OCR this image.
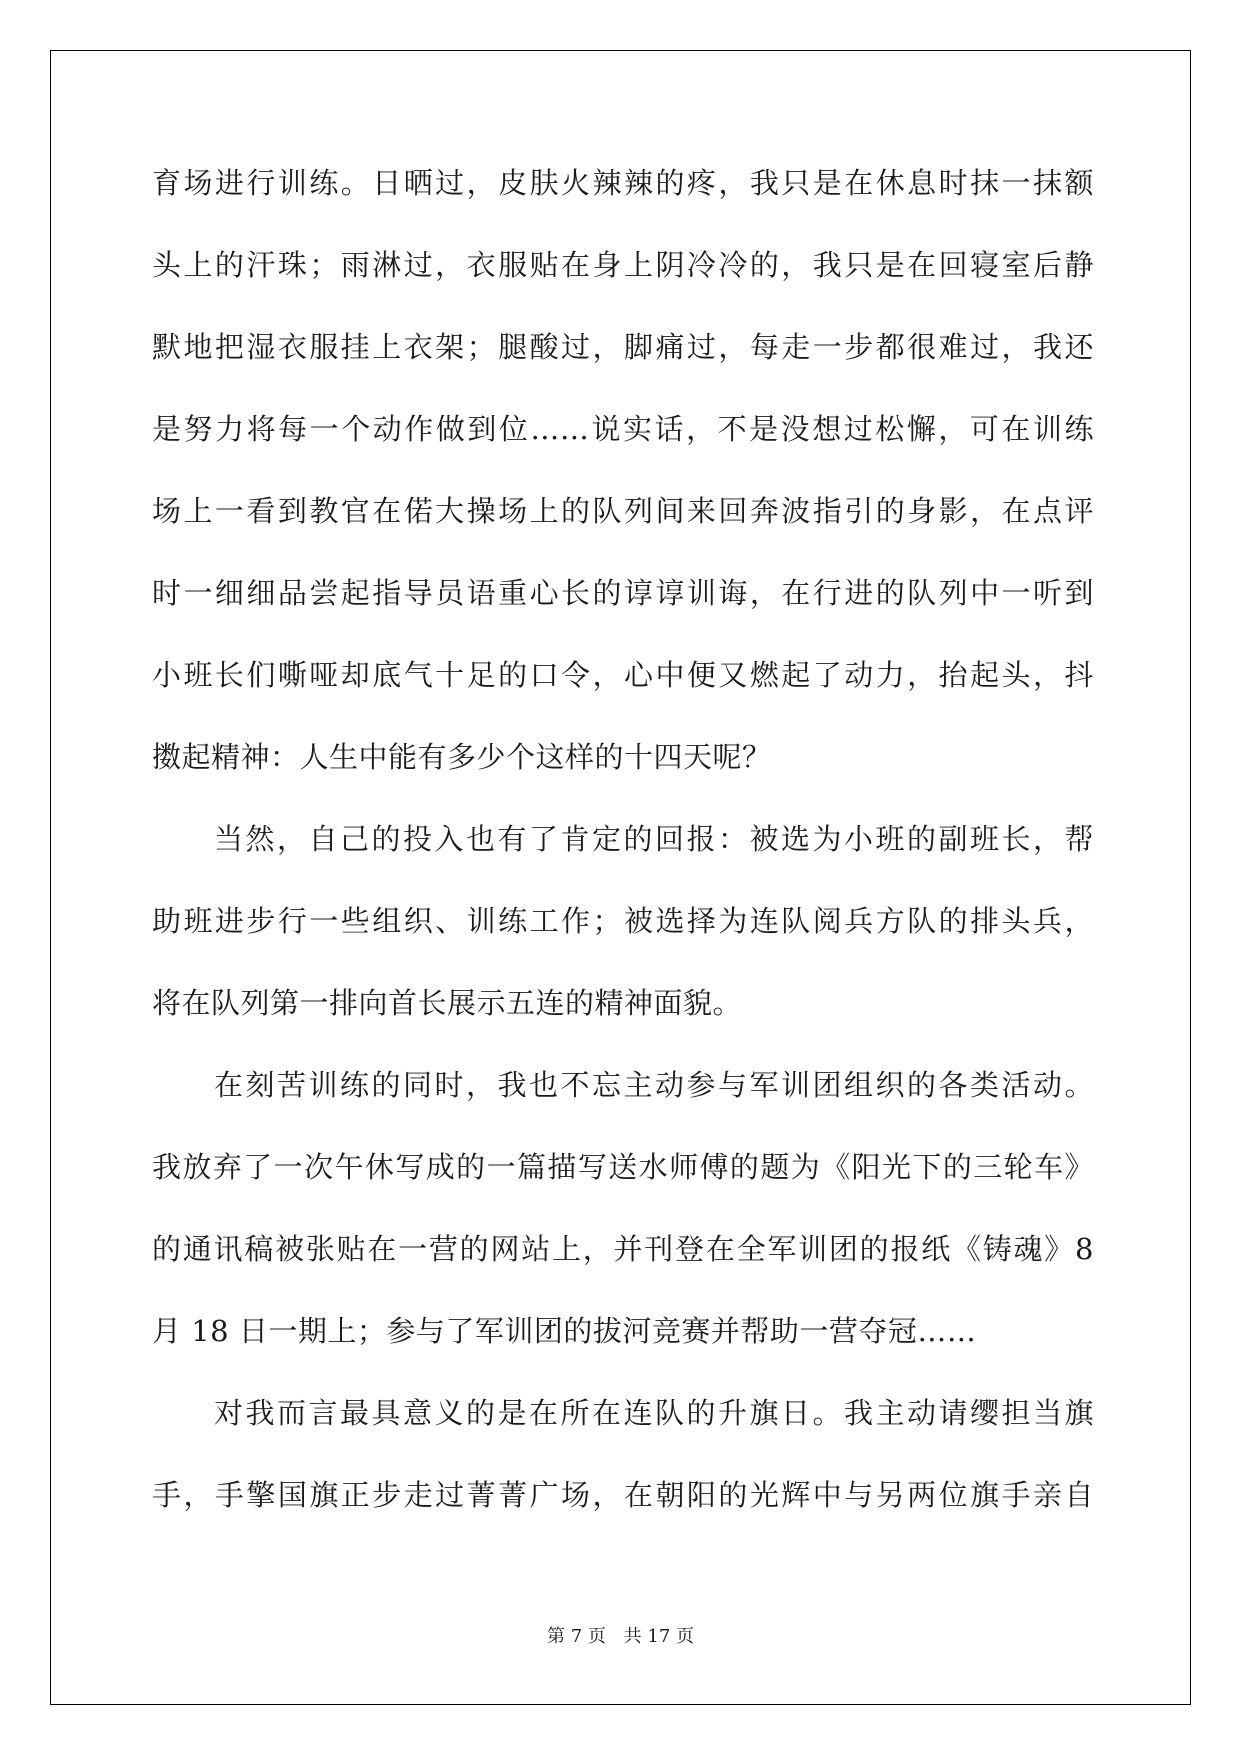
育场进行训练。日晒过，皮肤火辣辣的疼，我只是在休息时抹一抹额
头上的汗珠；雨淋过，衣服贴在身上阴冷冷的，我只是在回寝室后静
默地把湿衣服挂上衣架；腿酸过，脚痛过，每走一步都很难过，我还
是努力将每一个动作做到位……说实话，不是没想过松懈，可在训练
场上一看到教官在偌大操场上的队列间来回奔波指引的身影，在点评
时一细细品尝起指导员语重心长的谆谆训诲，在行进的队列中一听到
小班长们嘶哑却底气十足的口令，心中便又燃起了动力，抬起头，抖
擞起精神：人生中能有多少个这样的十四天呢？
当然，自己的投入也有了肯定的回报：被选为小班的副班长，帮
助班进步行一些组织、训练工作；被选择为连队阅兵方队的排头兵，
将在队列第一排向首长展示五连的精神面貌。
在刻苦训练的同时，我也不忘主动参与军训团组织的各类活动。
我放弃了一次午休写成的一篇描写送水师傅的题为《阳光下的三轮车》
的通讯稿被张贴在一营的网站上，并刊登在全军训团的报纸《铸魂》8
月 18 日一期上；参与了军训团的拔河竞赛并帮助一营夺冠……
对我而言最具意义的是在所在连队的升旗日。我主动请缨担当旗
手，手擎国旗正步走过菁菁广场，在朝阳的光辉中与另两位旗手亲自
第 7 页 共 17 页
